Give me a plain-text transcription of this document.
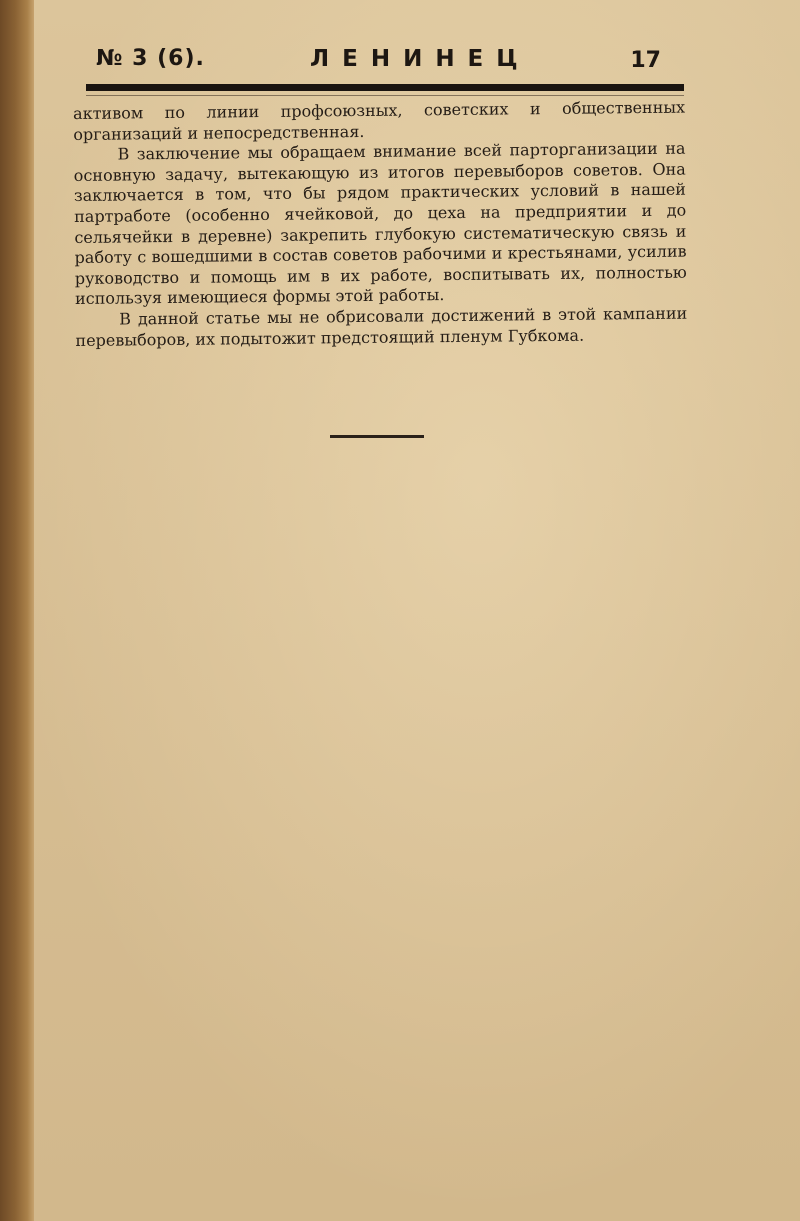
№ 3 (6).	ЛЕНИНЕЦ	17

активом по линии профсоюзных, советских и общественных организаций и непосредственная.

В заключение мы обращаем внимание всей парторганизации на основную задачу, вытекающую из итогов перевыборов советов. Она заключается в том, что бы рядом практических условий в нашей партработе (особенно ячейковой, до цеха на предприятии и до сельячейки в деревне) закрепить глубокую систематическую связь и работу с вошедшими в состав советов рабочими и крестьянами, усилив руководство и помощь им в их работе, воспитывать их, полностью используя имеющиеся формы этой работы.

В данной статье мы не обрисовали достижений в этой кампании перевыборов, их подытожит предстоящий пленум Губкома.
